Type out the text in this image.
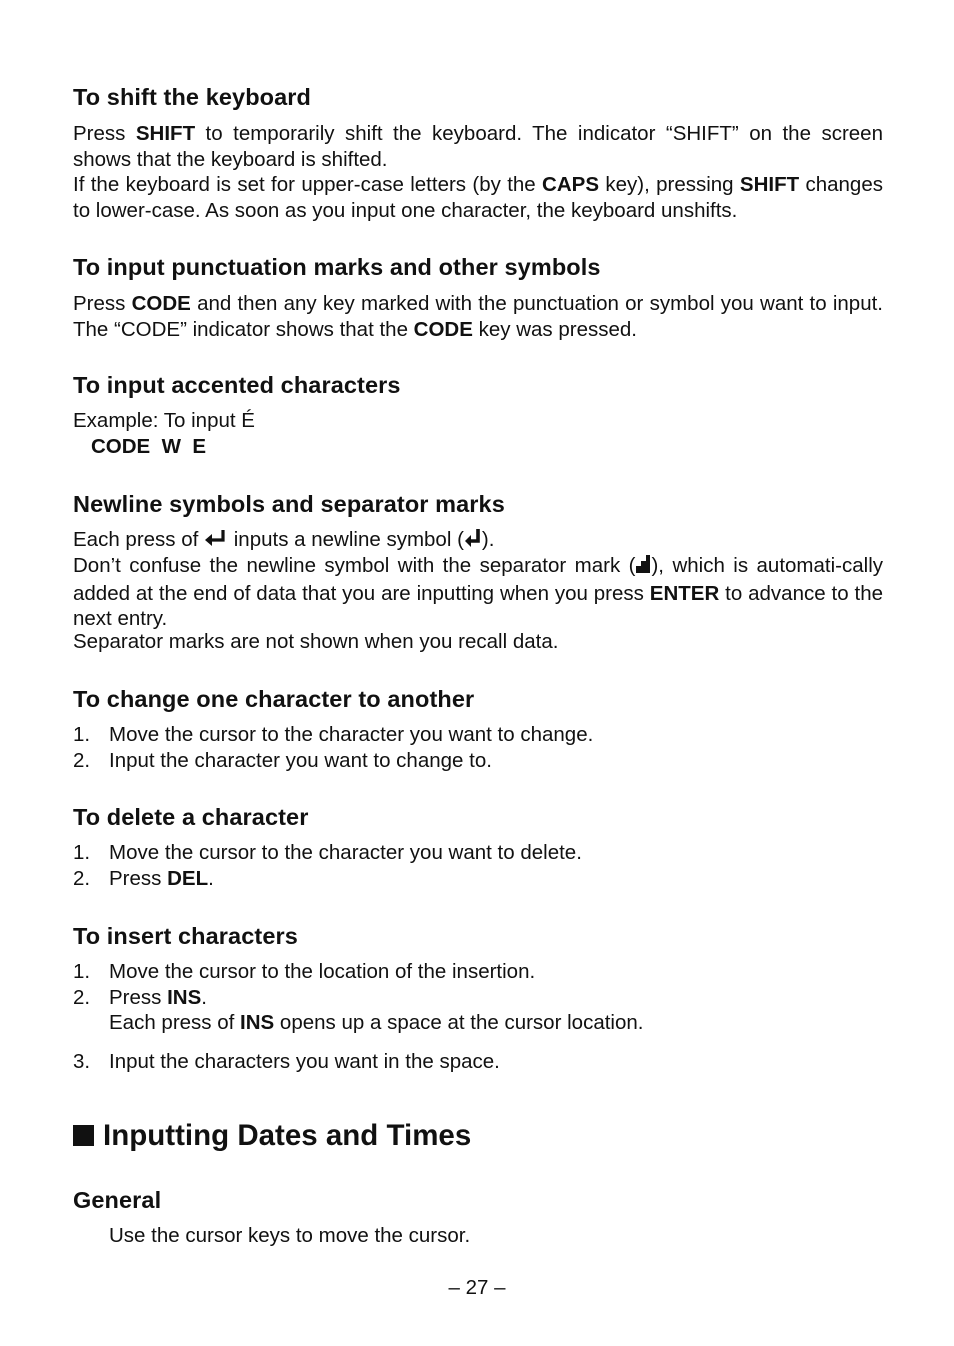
To shift the keyboard
Press SHIFT to temporarily shift the keyboard. The indicator “SHIFT” on the screen shows that the keyboard is shifted.
If the keyboard is set for upper-case letters (by the CAPS key), pressing SHIFT changes to lower-case. As soon as you input one character, the keyboard unshifts.
To input punctuation marks and other symbols
Press CODE and then any key marked with the punctuation or symbol you want to input. The “CODE” indicator shows that the CODE key was pressed.
To input accented characters
Example: To input É
CODE  W  E
Newline symbols and separator marks
Each press of  inputs a newline symbol ( ).
Don’t confuse the newline symbol with the separator mark ( ), which is automati-cally added at the end of data that you are inputting when you press ENTER to advance to the next entry.
Separator marks are not shown when you recall data.
To change one character to another
1. Move the cursor to the character you want to change.
2. Input the character you want to change to.
To delete a character
1. Move the cursor to the character you want to delete.
2. Press DEL.
To insert characters
1. Move the cursor to the location of the insertion.
2. Press INS.
Each press of INS opens up a space at the cursor location.
3. Input the characters you want in the space.
Inputting Dates and Times
General
Use the cursor keys to move the cursor.
– 27 –
